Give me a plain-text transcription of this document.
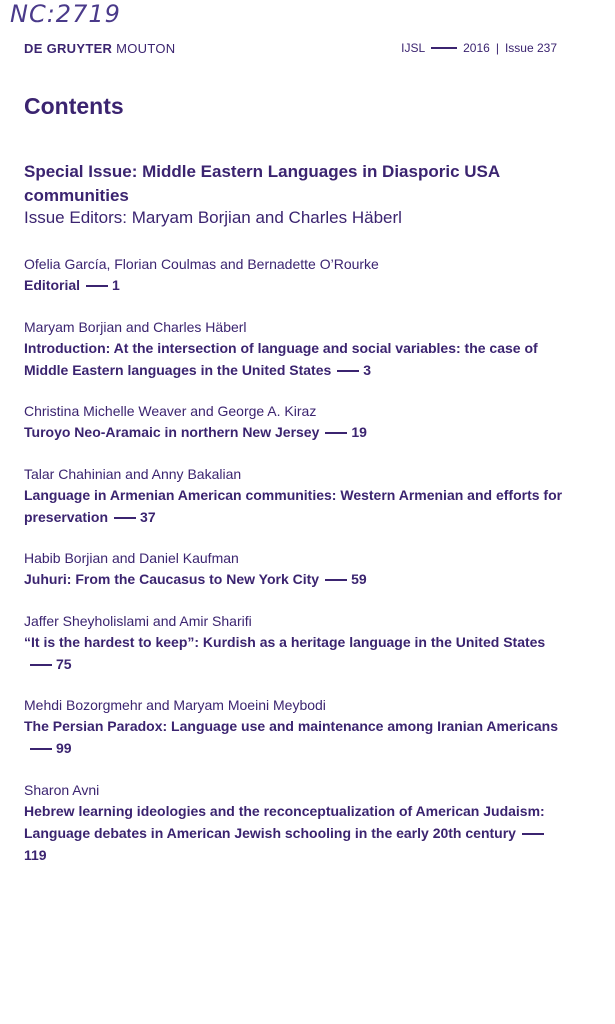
NC:2719
DE GRUYTER MOUTON	IJSL	2016 | Issue 237
Contents
Special Issue: Middle Eastern Languages in Diasporic USA communities
Issue Editors: Maryam Borjian and Charles Häberl
Ofelia García, Florian Coulmas and Bernadette O’Rourke
Editorial 1
Maryam Borjian and Charles Häberl
Introduction: At the intersection of language and social variables: the case of Middle Eastern languages in the United States 3
Christina Michelle Weaver and George A. Kiraz
Turoyo Neo-Aramaic in northern New Jersey 19
Talar Chahinian and Anny Bakalian
Language in Armenian American communities: Western Armenian and efforts for preservation 37
Habib Borjian and Daniel Kaufman
Juhuri: From the Caucasus to New York City 59
Jaffer Sheyholislami and Amir Sharifi
“It is the hardest to keep”: Kurdish as a heritage language in the United States75
Mehdi Bozorgmehr and Maryam Moeini Meybodi
The Persian Paradox: Language use and maintenance among Iranian Americans99
Sharon Avni
Hebrew learning ideologies and the reconceptualization of American Judaism: Language debates in American Jewish schooling in the early 20th century119
